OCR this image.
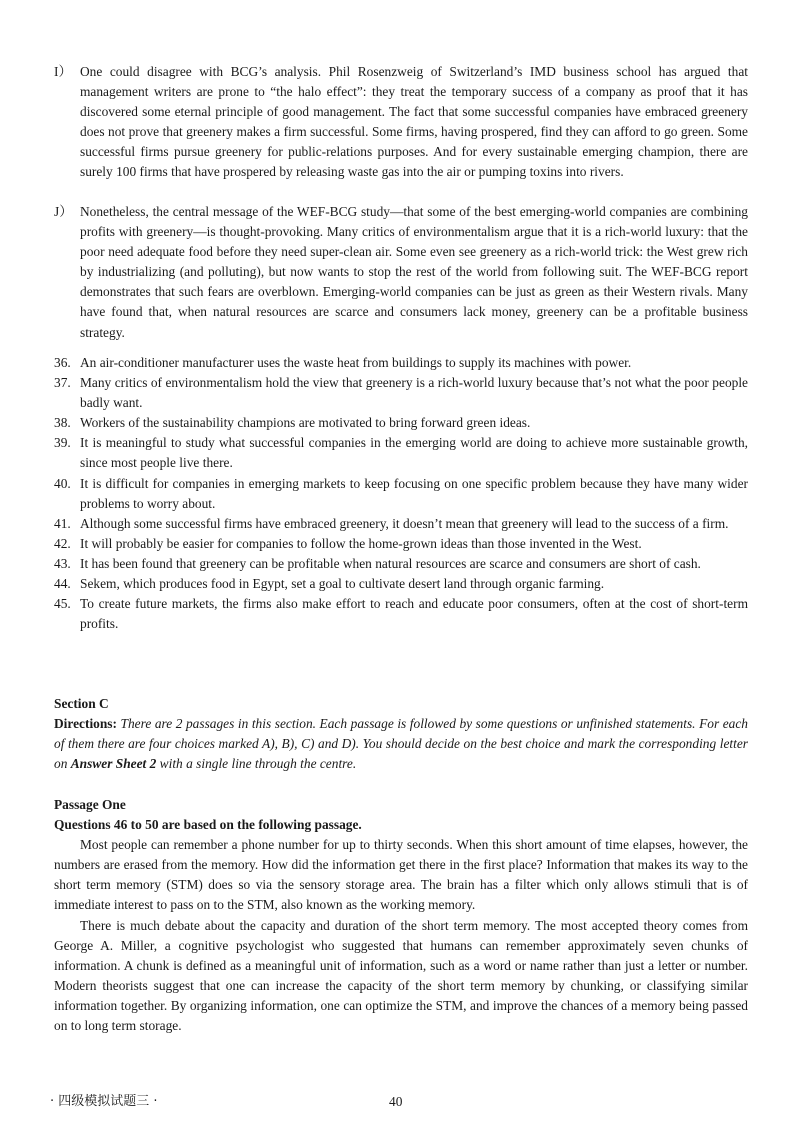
I） One could disagree with BCG’s analysis. Phil Rosenzweig of Switzerland’s IMD business school has argued that management writers are prone to “the halo effect”: they treat the temporary success of a company as proof that it has discovered some eternal principle of good management. The fact that some successful companies have embraced greenery does not prove that greenery makes a firm successful. Some firms, having prospered, find they can afford to go green. Some successful firms pursue greenery for public-relations purposes. And for every sustainable emerging champion, there are surely 100 firms that have prospered by releasing waste gas into the air or pumping toxins into rivers.
J） Nonetheless, the central message of the WEF-BCG study—that some of the best emerging-world companies are combining profits with greenery—is thought-provoking. Many critics of environmentalism argue that it is a rich-world luxury: that the poor need adequate food before they need super-clean air. Some even see greenery as a rich-world trick: the West grew rich by industrializing (and polluting), but now wants to stop the rest of the world from following suit. The WEF-BCG report demonstrates that such fears are overblown. Emerging-world companies can be just as green as their Western rivals. Many have found that, when natural resources are scarce and consumers lack money, greenery can be a profitable business strategy.
36. An air-conditioner manufacturer uses the waste heat from buildings to supply its machines with power.
37. Many critics of environmentalism hold the view that greenery is a rich-world luxury because that’s not what the poor people badly want.
38. Workers of the sustainability champions are motivated to bring forward green ideas.
39. It is meaningful to study what successful companies in the emerging world are doing to achieve more sustainable growth, since most people live there.
40. It is difficult for companies in emerging markets to keep focusing on one specific problem because they have many wider problems to worry about.
41. Although some successful firms have embraced greenery, it doesn’t mean that greenery will lead to the success of a firm.
42. It will probably be easier for companies to follow the home-grown ideas than those invented in the West.
43. It has been found that greenery can be profitable when natural resources are scarce and consumers are short of cash.
44. Sekem, which produces food in Egypt, set a goal to cultivate desert land through organic farming.
45. To create future markets, the firms also make effort to reach and educate poor consumers, often at the cost of short-term profits.
Section C
Directions: There are 2 passages in this section. Each passage is followed by some questions or unfinished statements. For each of them there are four choices marked A), B), C) and D). You should decide on the best choice and mark the corresponding letter on Answer Sheet 2 with a single line through the centre.
Passage One
Questions 46 to 50 are based on the following passage.

Most people can remember a phone number for up to thirty seconds. When this short amount of time elapses, however, the numbers are erased from the memory. How did the information get there in the first place? Information that makes its way to the short term memory (STM) does so via the sensory storage area. The brain has a filter which only allows stimuli that is of immediate interest to pass on to the STM, also known as the working memory.

There is much debate about the capacity and duration of the short term memory. The most accepted theory comes from George A. Miller, a cognitive psychologist who suggested that humans can remember approximately seven chunks of information. A chunk is defined as a meaningful unit of information, such as a word or name rather than just a letter or number. Modern theorists suggest that one can increase the capacity of the short term memory by chunking, or classifying similar information together. By organizing information, one can optimize the STM, and improve the chances of a memory being passed on to long term storage.

· 四级模拟试题三 ·	40
